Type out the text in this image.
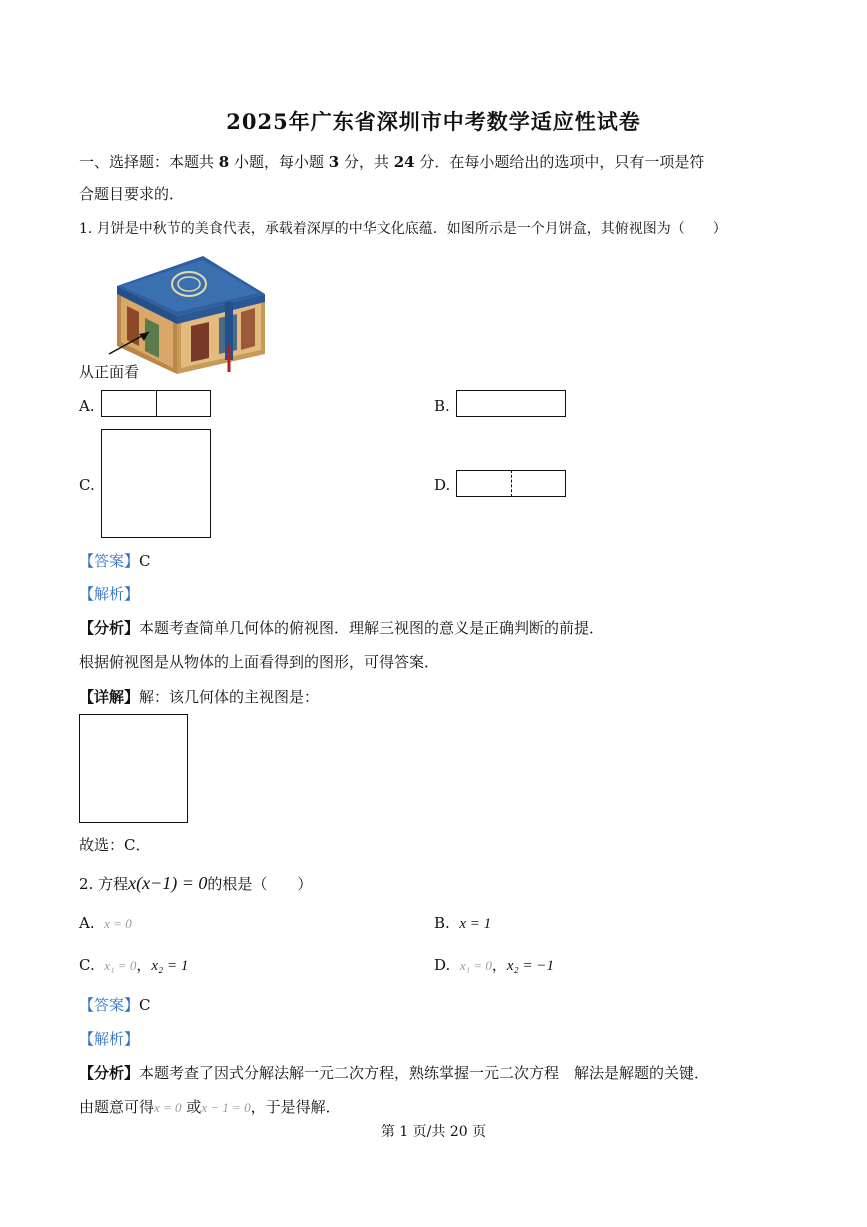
2025年广东省深圳市中考数学适应性试卷
一、选择题：本题共 8 小题，每小题 3 分，共 24 分．在每小题给出的选项中，只有一项是符
合题目要求的．
1. 月饼是中秋节的美食代表，承载着深厚的中华文化底蕴．如图所示是一个月饼盒，其俯视图为（　　）
从正面看
A.	B.
C.	D.
【答案】C
【解析】
【分析】本题考查简单几何体的俯视图．理解三视图的意义是正确判断的前提．
根据俯视图是从物体的上面看得到的图形，可得答案．
【详解】解：该几何体的主视图是：
故选：C．
2. 方程x(x−1) = 0的根是（　　）
A. x = 0	B. x = 1
C. x₁ = 0，x₂ = 1	D. x₁ = 0，x₂ = −1
【答案】C
【解析】
【分析】本题考查了因式分解法解一元二次方程，熟练掌握一元二次方程　解法是解题的关键．
由题意可得x = 0 或x − 1 = 0，于是得解．
第 1 页/共 20 页
